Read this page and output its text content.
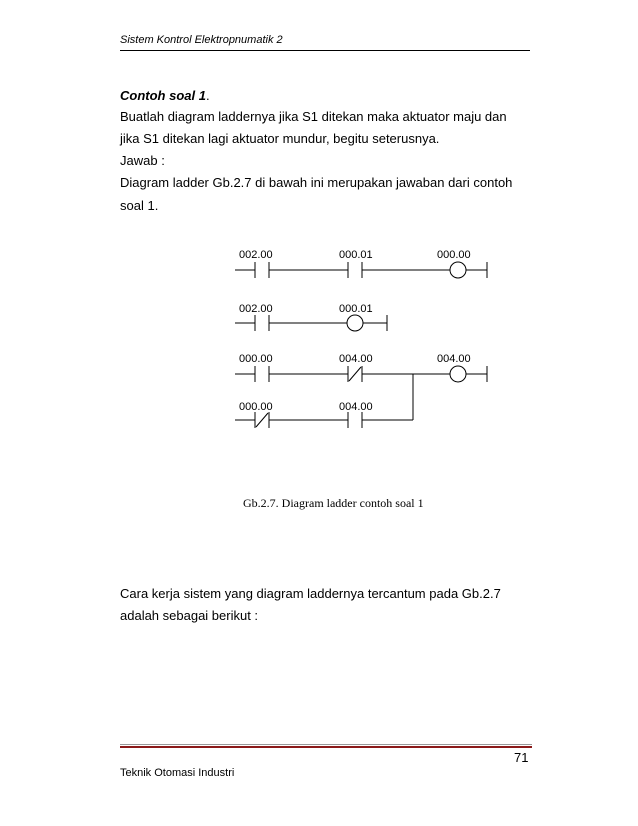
Sistem Kontrol Elektropnumatik 2
Contoh soal 1.
Buatlah diagram laddernya jika S1 ditekan maka aktuator maju dan
jika S1 ditekan lagi aktuator mundur, begitu seterusnya.
Jawab :
Diagram ladder Gb.2.7 di bawah ini merupakan jawaban dari contoh
soal 1.
002.00	000.01	000.00
002.00	000.01
000.00	004.00	004.00
000.00	004.00
Gb.2.7. Diagram ladder contoh soal 1
Cara kerja sistem yang diagram laddernya tercantum pada Gb.2.7
adalah sebagai berikut :
71
Teknik Otomasi Industri
